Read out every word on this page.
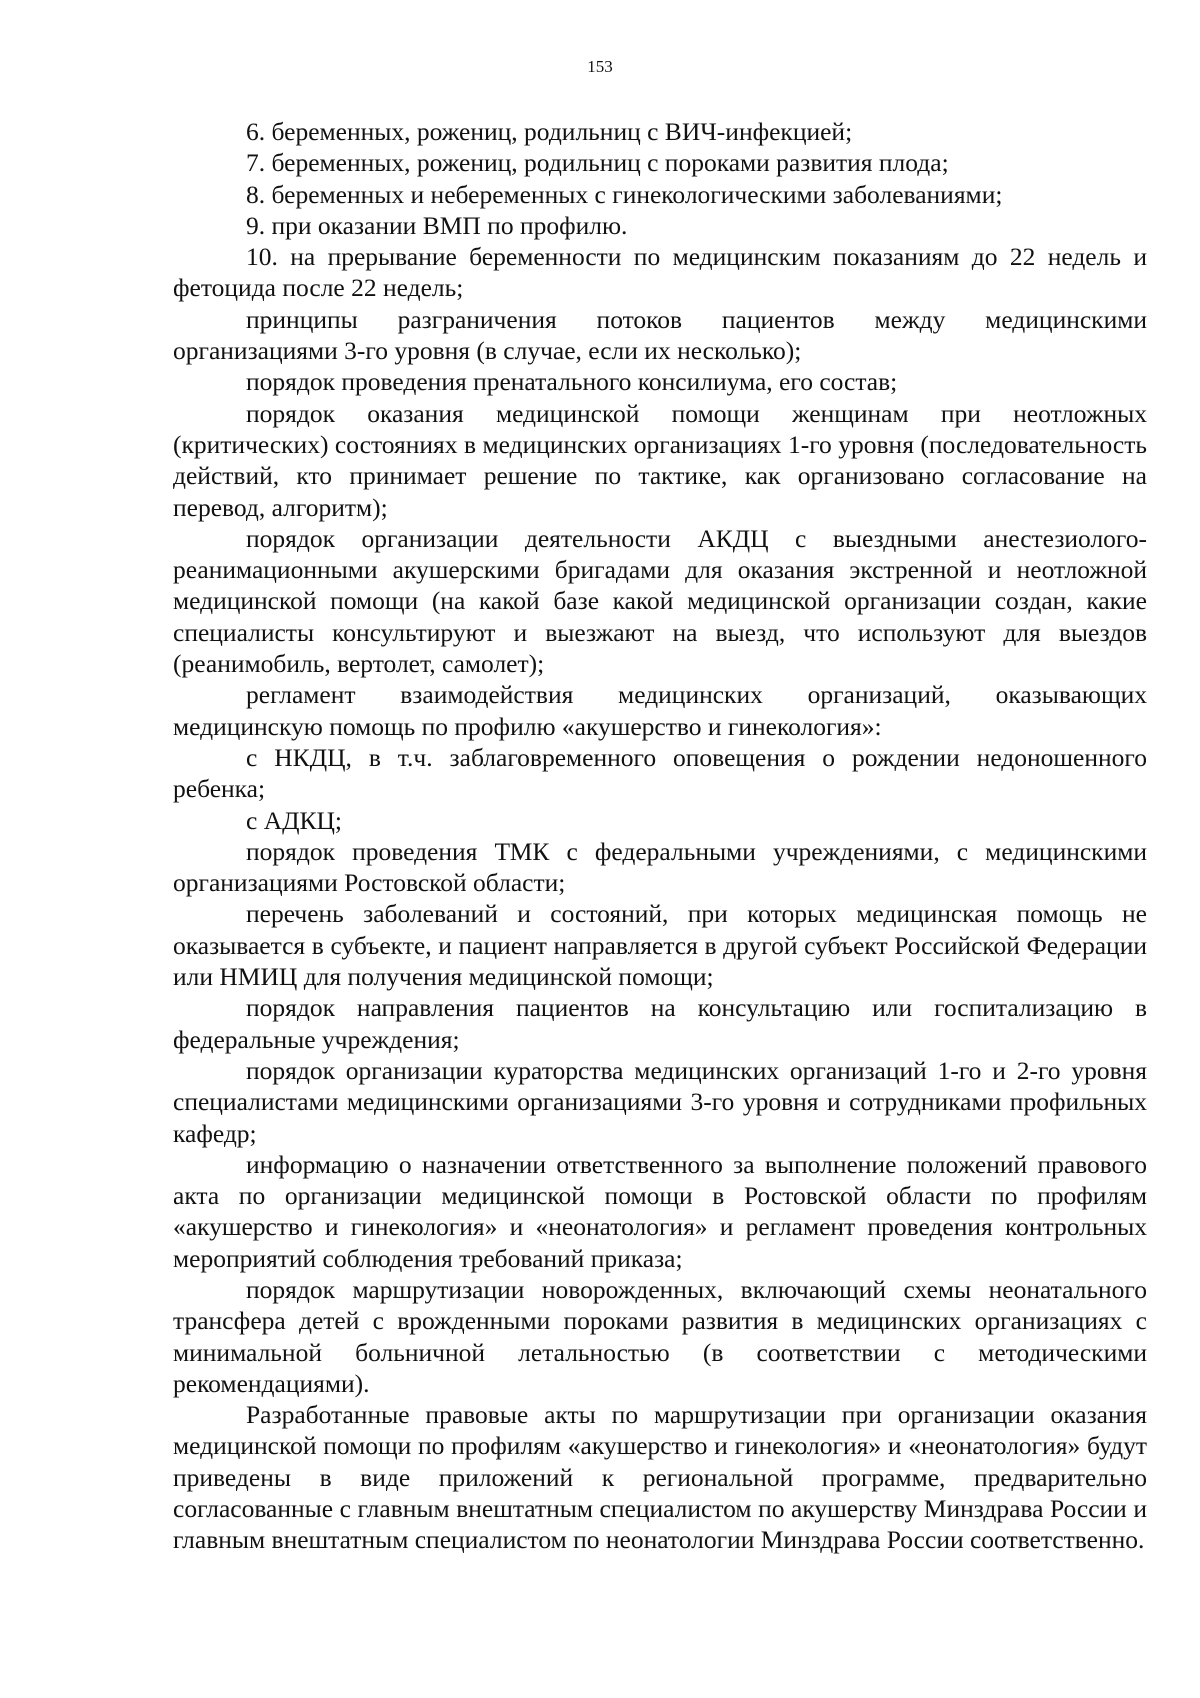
153

6. беременных, рожениц, родильниц с ВИЧ-инфекцией;

7. беременных, рожениц, родильниц с пороками развития плода;

8. беременных и небеременных с гинекологическими заболеваниями;

9. при оказании ВМП по профилю.

10. на прерывание беременности по медицинским показаниям до 22 недель и фетоцида после 22 недель;

принципы разграничения потоков пациентов между медицинскими организациями 3-го уровня (в случае, если их несколько);

порядок проведения пренатального консилиума, его состав;

порядок оказания медицинской помощи женщинам при неотложных (критических) состояниях в медицинских организациях 1-го уровня (последовательность действий, кто принимает решение по тактике, как организовано согласование на перевод, алгоритм);

порядок организации деятельности АКДЦ с выездными анестезиолого-реанимационными акушерскими бригадами для оказания экстренной и неотложной медицинской помощи (на какой базе какой медицинской организации создан, какие специалисты консультируют и выезжают на выезд, что используют для выездов (реанимобиль, вертолет, самолет);

регламент взаимодействия медицинских организаций, оказывающих медицинскую помощь по профилю «акушерство и гинекология»:

с НКДЦ, в т.ч. заблаговременного оповещения о рождении недоношенного ребенка;

с АДКЦ;

порядок проведения ТМК с федеральными учреждениями, с медицинскими организациями Ростовской области;

перечень заболеваний и состояний, при которых медицинская помощь не оказывается в субъекте, и пациент направляется в другой субъект Российской Федерации или НМИЦ для получения медицинской помощи;

порядок направления пациентов на консультацию или госпитализацию в федеральные учреждения;

порядок организации кураторства медицинских организаций 1-го и 2-го уровня специалистами медицинскими организациями 3-го уровня и сотрудниками профильных кафедр;

информацию о назначении ответственного за выполнение положений правового акта по организации медицинской помощи в Ростовской области по профилям «акушерство и гинекология» и «неонатология» и регламент проведения контрольных мероприятий соблюдения требований приказа;

порядок маршрутизации новорожденных, включающий схемы неонатального трансфера детей с врожденными пороками развития в медицинских организациях с минимальной больничной летальностью (в соответствии с методическими рекомендациями).

Разработанные правовые акты по маршрутизации при организации оказания медицинской помощи по профилям «акушерство и гинекология» и «неонатология» будут приведены в виде приложений к региональной программе, предварительно согласованные с главным внештатным специалистом по акушерству Минздрава России и главным внештатным специалистом по неонатологии Минздрава России соответственно.
